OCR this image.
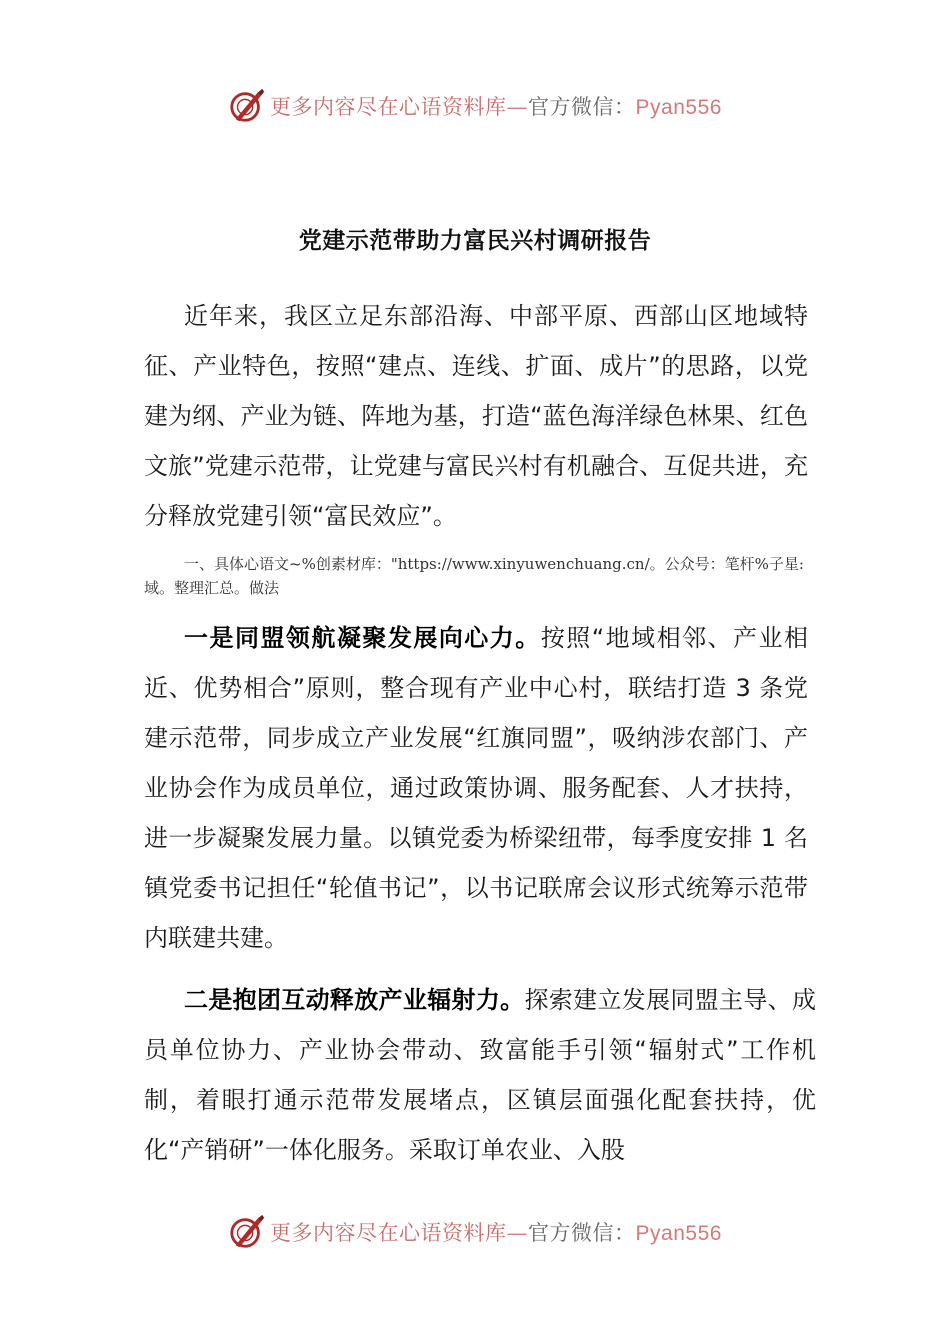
更多内容尽在心语资料库—官方微信：Pyan556
党建示范带助力富民兴村调研报告

近年来，我区立足东部沿海、中部平原、西部山区地域特征、产业特色，按照“建点、连线、扩面、成片”的思路，以党建为纲、产业为链、阵地为基，打造“蓝色海洋绿色林果、红色文旅”党建示范带，让党建与富民兴村有机融合、互促共进，充分释放党建引领“富民效应”。

一、具体心语文~%创素材库："https://www.xinyuwenchuang.cn/。公众号：笔杆%子星:域。整理汇总。做法

一是同盟领航凝聚发展向心力。按照“地域相邻、产业相近、优势相合”原则，整合现有产业中心村，联结打造 3 条党建示范带，同步成立产业发展“红旗同盟”，吸纳涉农部门、产业协会作为成员单位，通过政策协调、服务配套、人才扶持，进一步凝聚发展力量。以镇党委为桥梁纽带，每季度安排 1 名镇党委书记担任“轮值书记”，以书记联席会议形式统筹示范带内联建共建。

二是抱团互动释放产业辐射力。探索建立发展同盟主导、成员单位协力、产业协会带动、致富能手引领“辐射式”工作机制，着眼打通示范带发展堵点，区镇层面强化配套扶持，优化“产销研”一体化服务。采取订单农业、入股

更多内容尽在心语资料库—官方微信：Pyan556
